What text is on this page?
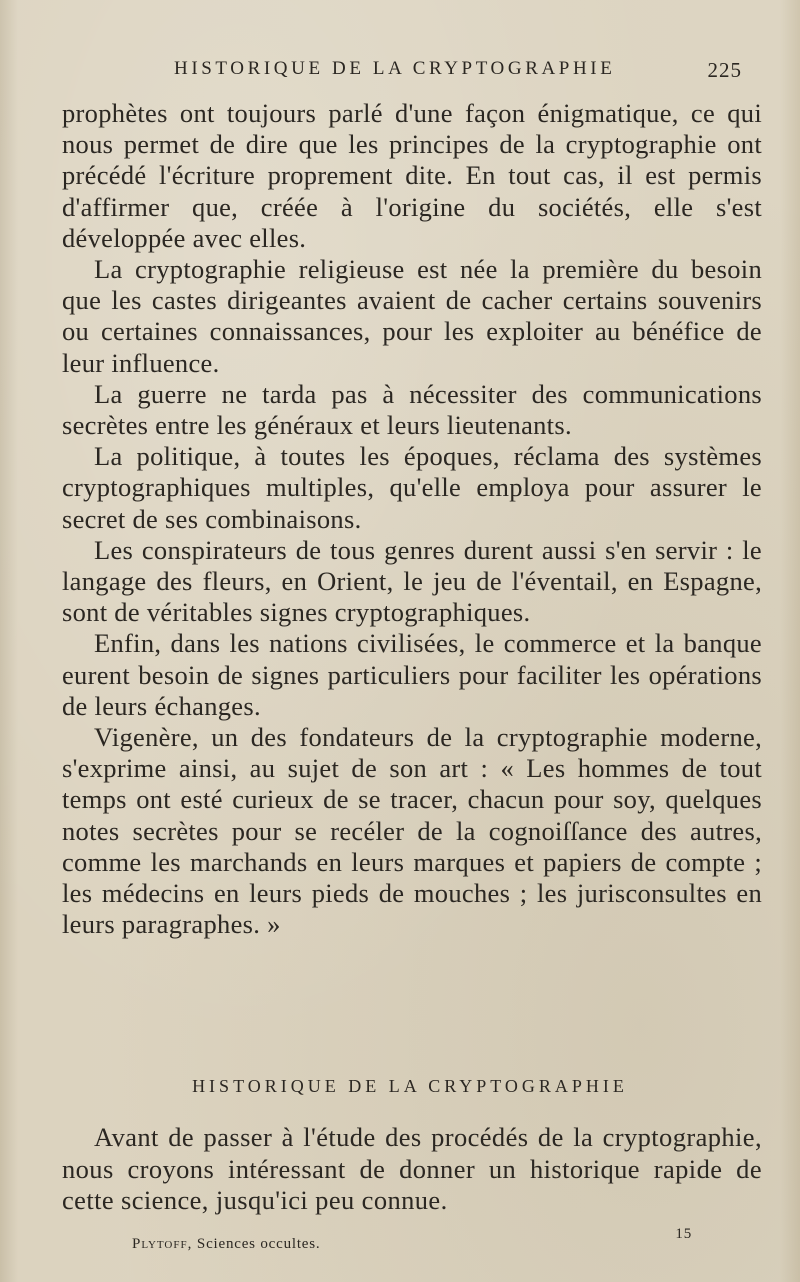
HISTORIQUE DE LA CRYPTOGRAPHIE	225

prophètes ont toujours parlé d'une façon énigmatique, ce qui nous permet de dire que les principes de la cryptographie ont précédé l'écriture proprement dite. En tout cas, il est permis d'affirmer que, créée à l'origine du sociétés, elle s'est développée avec elles.

La cryptographie religieuse est née la première du besoin que les castes dirigeantes avaient de cacher certains souvenirs ou certaines connaissances, pour les exploiter au bénéfice de leur influence.

La guerre ne tarda pas à nécessiter des communications secrètes entre les généraux et leurs lieutenants.

La politique, à toutes les époques, réclama des systèmes cryptographiques multiples, qu'elle employa pour assurer le secret de ses combinaisons.

Les conspirateurs de tous genres durent aussi s'en servir : le langage des fleurs, en Orient, le jeu de l'éventail, en Espagne, sont de véritables signes cryptographiques.

Enfin, dans les nations civilisées, le commerce et la banque eurent besoin de signes particuliers pour faciliter les opérations de leurs échanges.

Vigenère, un des fondateurs de la cryptographie moderne, s'exprime ainsi, au sujet de son art : « Les hommes de tout temps ont esté curieux de se tracer, chacun pour soy, quelques notes secrètes pour se recéler de la cognoiſſance des autres, comme les marchands en leurs marques et papiers de compte ; les médecins en leurs pieds de mouches ; les jurisconsultes en leurs paragraphes. »

HISTORIQUE DE LA CRYPTOGRAPHIE

Avant de passer à l'étude des procédés de la cryptographie, nous croyons intéressant de donner un historique rapide de cette science, jusqu'ici peu connue.

Plytoff, Sciences occultes.
15
